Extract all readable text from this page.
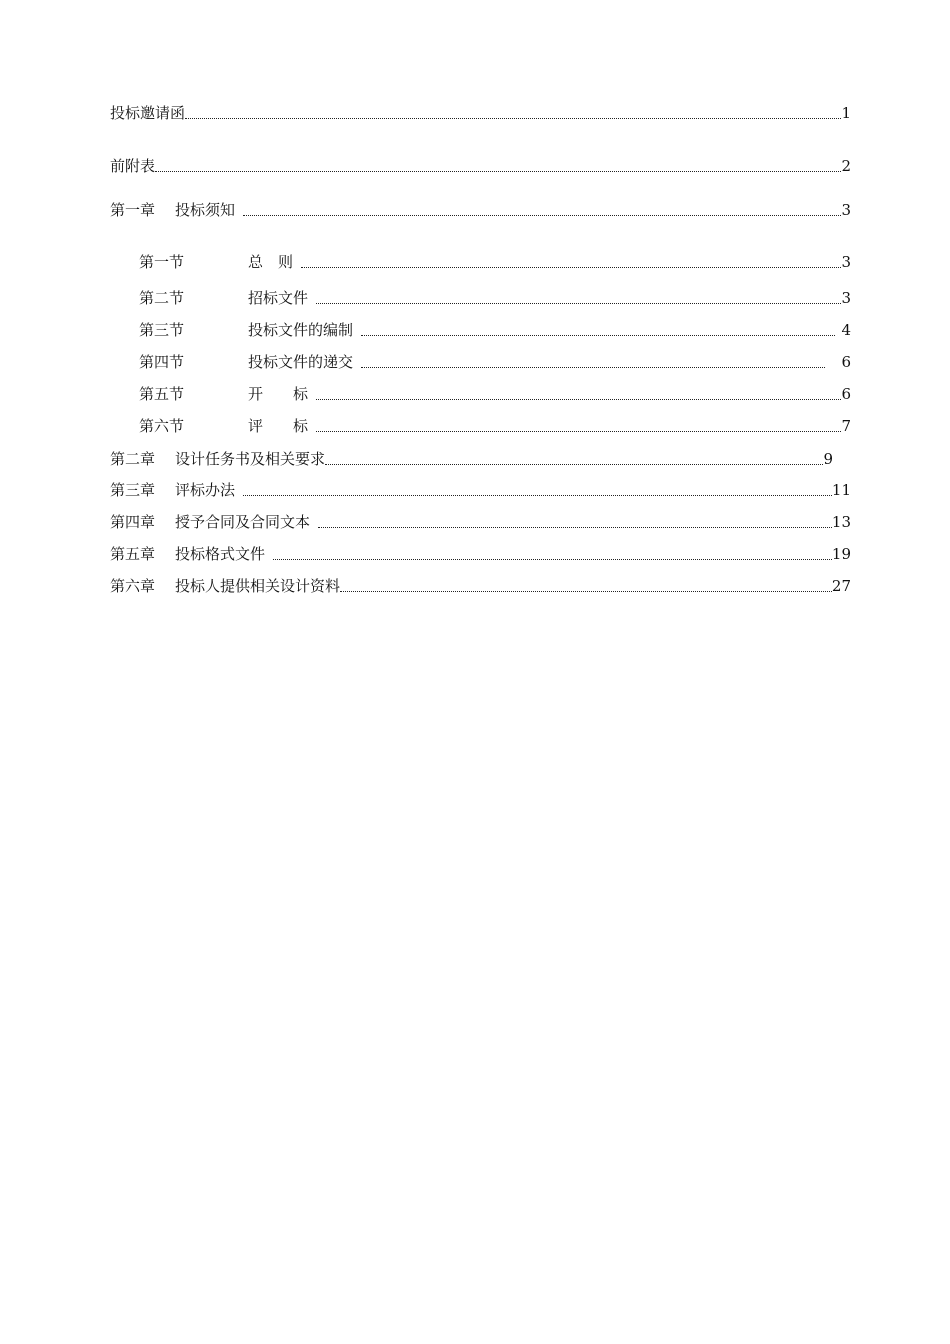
投标邀请函	1
前附表	2
第一章 投标须知	3
第一节	总　则	3
第二节	招标文件	3
第三节	投标文件的编制	4
第四节	投标文件的递交	6
第五节	开　　标	6
第六节	评　　标	7
第二章 设计任务书及相关要求	9
第三章 评标办法	11
第四章 授予合同及合同文本	13
第五章 投标格式文件	19
第六章 投标人提供相关设计资料	27
